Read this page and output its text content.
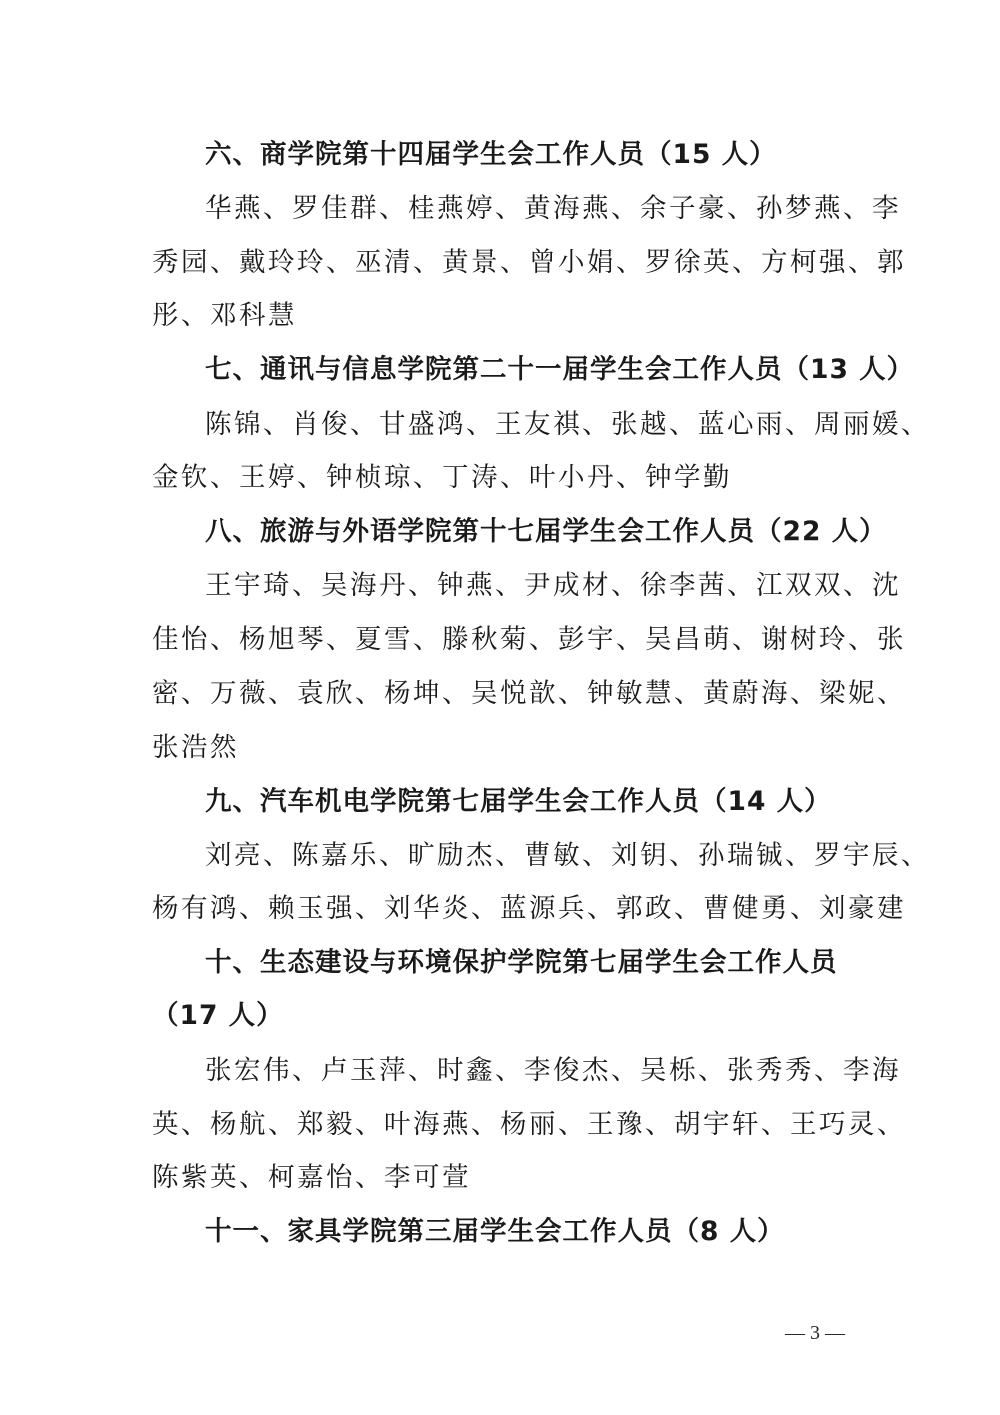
六、商学院第十四届学生会工作人员（15 人）
华燕、罗佳群、桂燕婷、黄海燕、余子豪、孙梦燕、李
秀园、戴玲玲、巫清、黄景、曾小娟、罗徐英、方柯强、郭
彤、邓科慧
七、通讯与信息学院第二十一届学生会工作人员（13 人）
陈锦、肖俊、甘盛鸿、王友祺、张越、蓝心雨、周丽媛、
金钦、王婷、钟桢琼、丁涛、叶小丹、钟学勤
八、旅游与外语学院第十七届学生会工作人员（22 人）
王宇琦、吴海丹、钟燕、尹成材、徐李茜、江双双、沈
佳怡、杨旭琴、夏雪、滕秋菊、彭宇、吴昌萌、谢树玲、张
密、万薇、袁欣、杨坤、吴悦歆、钟敏慧、黄蔚海、梁妮、
张浩然
九、汽车机电学院第七届学生会工作人员（14 人）
刘亮、陈嘉乐、旷励杰、曹敏、刘钥、孙瑞铖、罗宇辰、
杨有鸿、赖玉强、刘华炎、蓝源兵、郭政、曹健勇、刘豪建
十、生态建设与环境保护学院第七届学生会工作人员
（17 人）
张宏伟、卢玉萍、时鑫、李俊杰、吴栎、张秀秀、李海
英、杨航、郑毅、叶海燕、杨丽、王豫、胡宇轩、王巧灵、
陈紫英、柯嘉怡、李可萱
十一、家具学院第三届学生会工作人员（8 人）
— 3 —
